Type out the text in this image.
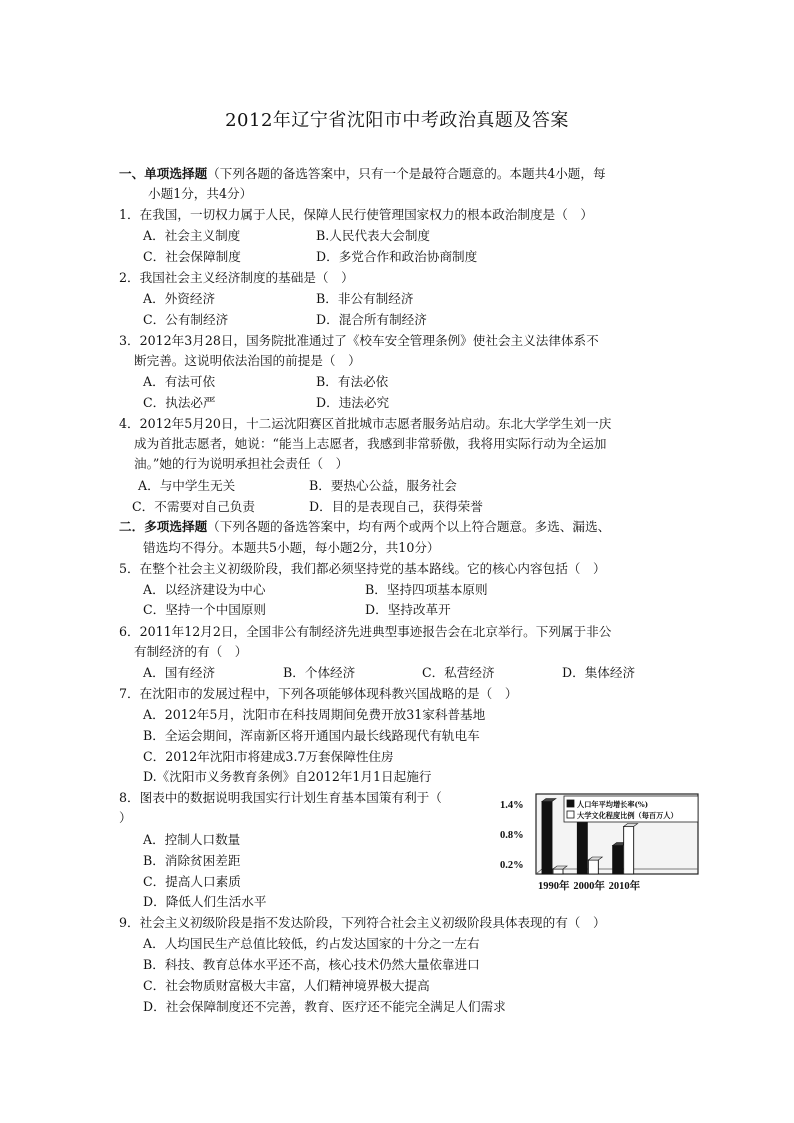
2012年辽宁省沈阳市中考政治真题及答案
一、单项选择题（下列各题的备选答案中，只有一个是最符合题意的。本题共4小题，每
小题1分，共4分）
1．在我国，一切权力属于人民，保障人民行使管理国家权力的根本政治制度是（　）
A．社会主义制度	B.人民代表大会制度
C．社会保障制度	D．多党合作和政治协商制度
2．我国社会主义经济制度的基础是（　）
A．外资经济	B．非公有制经济
C．公有制经济	D．混合所有制经济
3．2012年3月28日，国务院批准通过了《校车安全管理条例》使社会主义法律体系不
断完善。这说明依法治国的前提是（　）
A．有法可依	B．有法必依
C．执法必严	D．违法必究
4．2012年5月20日，十二运沈阳赛区首批城市志愿者服务站启动。东北大学学生刘一庆
成为首批志愿者，她说：“能当上志愿者，我感到非常骄傲，我将用实际行动为全运加
油。”她的行为说明承担社会责任（　）
A．与中学生无关	B．要热心公益，服务社会
C．不需要对自己负责	D．目的是表现自己，获得荣誉
二．多项选择题（下列各题的备选答案中，均有两个或两个以上符合题意。多选、漏选、
错选均不得分。本题共5小题，每小题2分，共10分）
5．在整个社会主义初级阶段，我们都必须坚持党的基本路线。它的核心内容包括（　）
A．以经济建设为中心	B．坚持四项基本原则
C．坚持一个中国原则	D．坚持改革开
6．2011年12月2日，全国非公有制经济先进典型事迹报告会在北京举行。下列属于非公
有制经济的有（　）
A．国有经济	B．个体经济	C．私营经济	D．集体经济
7．在沈阳市的发展过程中，下列各项能够体现科教兴国战略的是（　）
A．2012年5月，沈阳市在科技周期间免费开放31家科普基地
B．全运会期间，浑南新区将开通国内最长线路现代有轨电车
C．2012年沈阳市将建成3.7万套保障性住房
D.《沈阳市义务教育条例》自2012年1月1日起施行
8．图表中的数据说明我国实行计划生育基本国策有利于（
）
A．控制人口数量
B．消除贫困差距
C．提高人口素质
D．降低人们生活水平
1.4%
0.8%
0.2%
1990年 2000年 2010年
人口年平均增长率(%)
大学文化程度比例（每百万人）
9．社会主义初级阶段是指不发达阶段，下列符合社会主义初级阶段具体表现的有（　）
A．人均国民生产总值比较低，约占发达国家的十分之一左右
B．科技、教育总体水平还不高，核心技术仍然大量依靠进口
C．社会物质财富极大丰富，人们精神境界极大提高
D．社会保障制度还不完善，教育、医疗还不能完全满足人们需求
